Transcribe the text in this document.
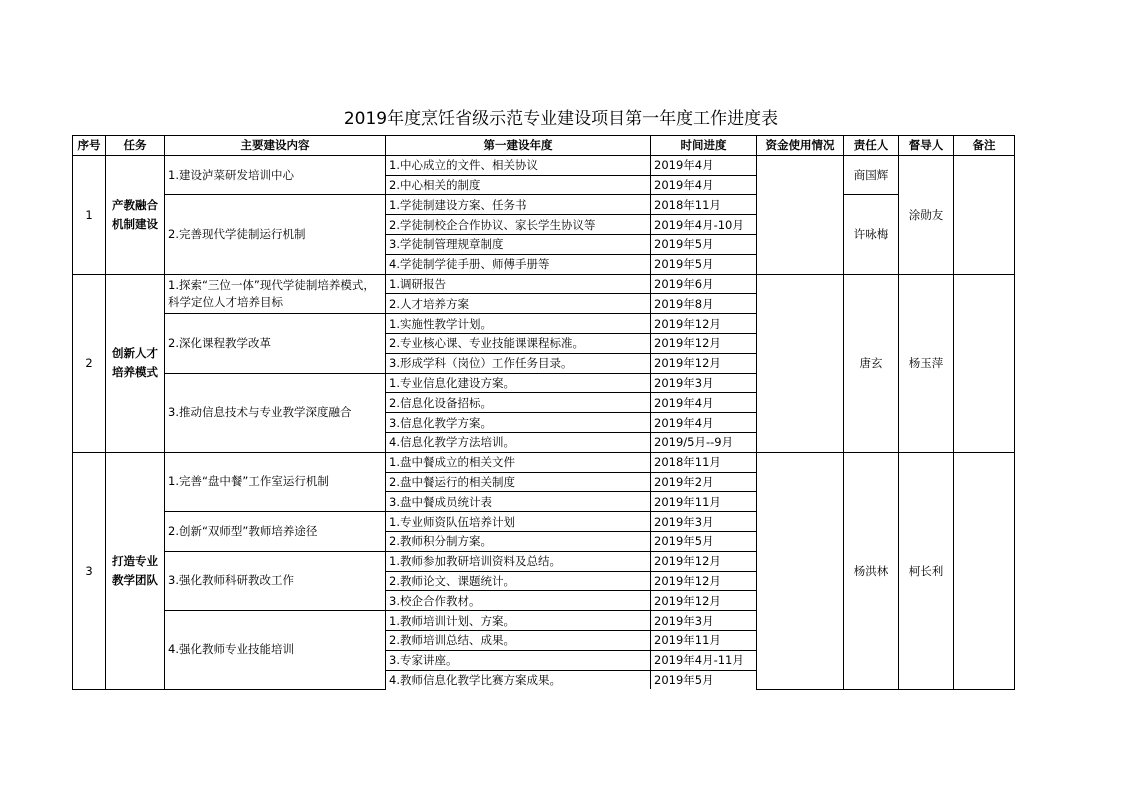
2019年度烹饪省级示范专业建设项目第一年度工作进度表
序号	任务	主要建设内容	第一建设年度	时间进度	资金使用情况	责任人	督导人	备注
1	产教融合机制建设	1.建设泸菜研发培训中心	1.中心成立的文件、相关协议	2019年4月		商国辉	涂勋友	
			2.中心相关的制度	2019年4月				
		2.完善现代学徒制运行机制	1.学徒制建设方案、任务书	2018年11月		许咏梅		
			2.学徒制校企合作协议、家长学生协议等	2019年4月-10月				
			3.学徒制管理规章制度	2019年5月				
			4.学徒制学徒手册、师傅手册等	2019年5月				
2	创新人才培养模式	1.探索“三位一体”现代学徒制培养模式，科学定位人才培养目标	1.调研报告	2019年6月		唐玄	杨玉萍	
			2.人才培养方案	2019年8月				
		2.深化课程教学改革	1.实施性教学计划。	2019年12月				
			2.专业核心课、专业技能课课程标准。	2019年12月				
			3.形成学科（岗位）工作任务目录。	2019年12月				
		3.推动信息技术与专业教学深度融合	1.专业信息化建设方案。	2019年3月				
			2.信息化设备招标。	2019年4月				
			3.信息化教学方案。	2019年4月				
			4.信息化教学方法培训。	2019/5月--9月				
3	打造专业教学团队	1.完善“盘中餐”工作室运行机制	1.盘中餐成立的相关文件	2018年11月		杨洪林	柯长利	
			2.盘中餐运行的相关制度	2019年2月				
			3.盘中餐成员统计表	2019年11月				
		2.创新“双师型”教师培养途径	1.专业师资队伍培养计划	2019年3月				
			2.教师积分制方案。	2019年5月				
		3.强化教师科研教改工作	1.教师参加教研培训资料及总结。	2019年12月				
			2.教师论文、课题统计。	2019年12月				
			3.校企合作教材。	2019年12月				
		4.强化教师专业技能培训	1.教师培训计划、方案。	2019年3月				
			2.教师培训总结、成果。	2019年11月				
			3.专家讲座。	2019年4月-11月				
			4.教师信息化教学比赛方案成果。	2019年5月				
